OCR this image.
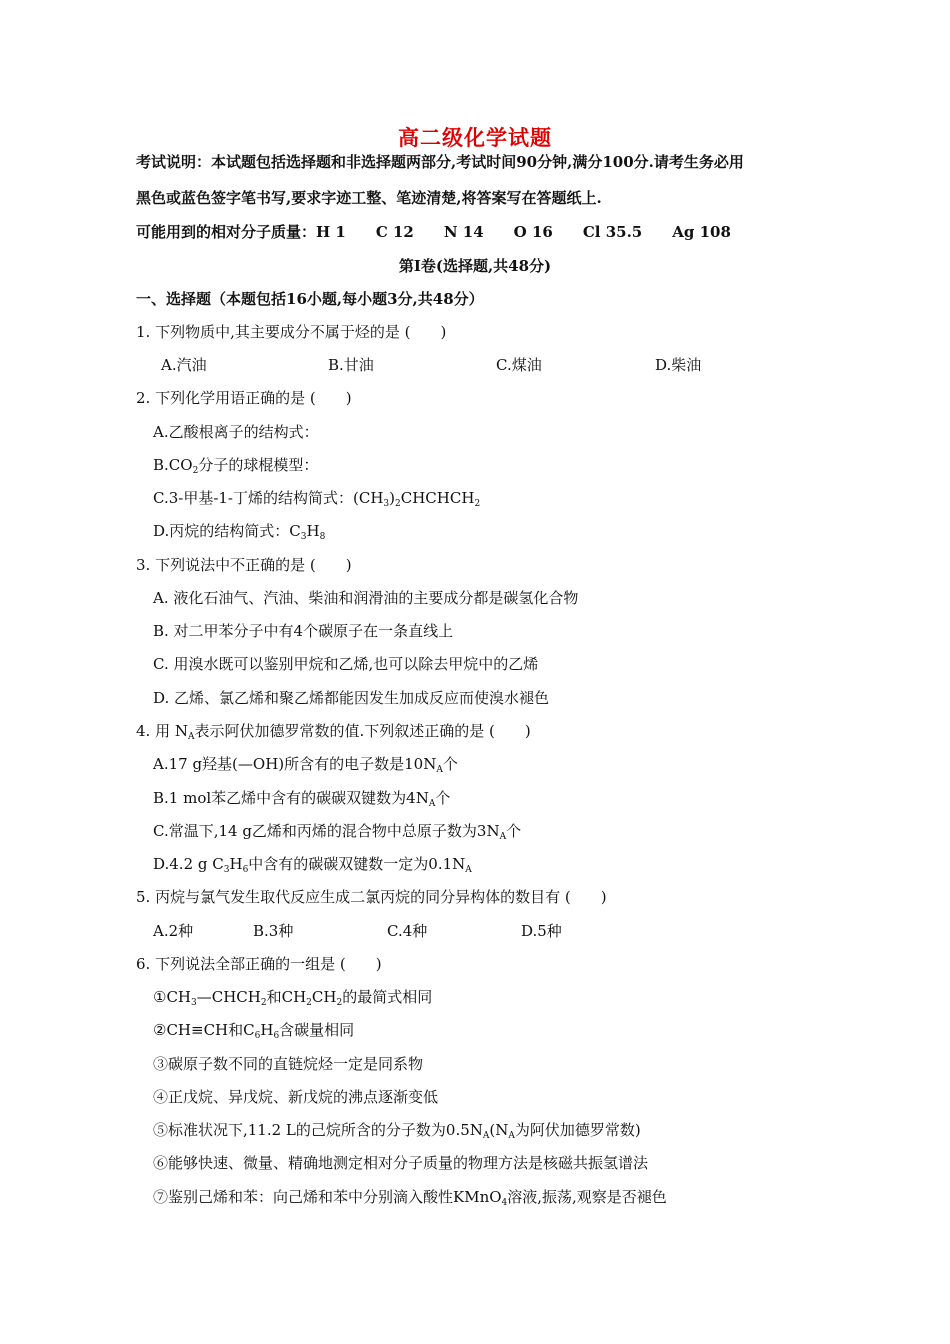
高二级化学试题
考试说明：本试题包括选择题和非选择题两部分,考试时间90分钟,满分100分.请考生务必用
黑色或蓝色签字笔书写,要求字迹工整、笔迹清楚,将答案写在答题纸上.
可能用到的相对分子质量：H 1　　C 12　　N 14　　O 16　　Cl 35.5　　Ag 108
第Ⅰ卷(选择题,共48分)
一、选择题（本题包括16小题,每小题3分,共48分）
1. 下列物质中,其主要成分不属于烃的是 (　　)
A.汽油	B.甘油	C.煤油	D.柴油
2. 下列化学用语正确的是 (　　)
A.乙酸根离子的结构式：
$B.CO_2$分子的球棍模型：
C.3-甲基-1-丁烯的结构简式：$(CH_3)_2CHCHCH_2$
D.丙烷的结构简式：$C_3H_8$
3. 下列说法中不正确的是 (　　)
A. 液化石油气、汽油、柴油和润滑油的主要成分都是碳氢化合物
B. 对二甲苯分子中有4个碳原子在一条直线上
C. 用溴水既可以鉴别甲烷和乙烯,也可以除去甲烷中的乙烯
D. 乙烯、氯乙烯和聚乙烯都能因发生加成反应而使溴水褪色
4. 用 $N_A$表示阿伏加德罗常数的值.下列叙述正确的是 (　　)
A.17 g羟基(—OH)所含有的电子数是$10N_A$个
B.1 mol苯乙烯中含有的碳碳双键数为$4N_A$个
C.常温下,14 g乙烯和丙烯的混合物中总原子数为$3N_A$个
D.4.2 g $C_3H_6$中含有的碳碳双键数一定为$0.1N_A$
5. 丙烷与氯气发生取代反应生成二氯丙烷的同分异构体的数目有 (　　)
A.2种	B.3种	C.4种	D.5种
6. 下列说法全部正确的一组是 (　　)
$①CH_3—CHCH_2$和$CH_2CH_2$的最简式相同
②CH≡CH和$C_6H_6$含碳量相同
③碳原子数不同的直链烷烃一定是同系物
④正戊烷、异戊烷、新戊烷的沸点逐渐变低
⑤标准状况下,11.2 L的己烷所含的分子数为$0.5N_A(N_A$为阿伏加德罗常数)
⑥能够快速、微量、精确地测定相对分子质量的物理方法是核磁共振氢谱法
⑦鉴别己烯和苯：向己烯和苯中分别滴入酸性KMnO$_4$溶液,振荡,观察是否褪色
